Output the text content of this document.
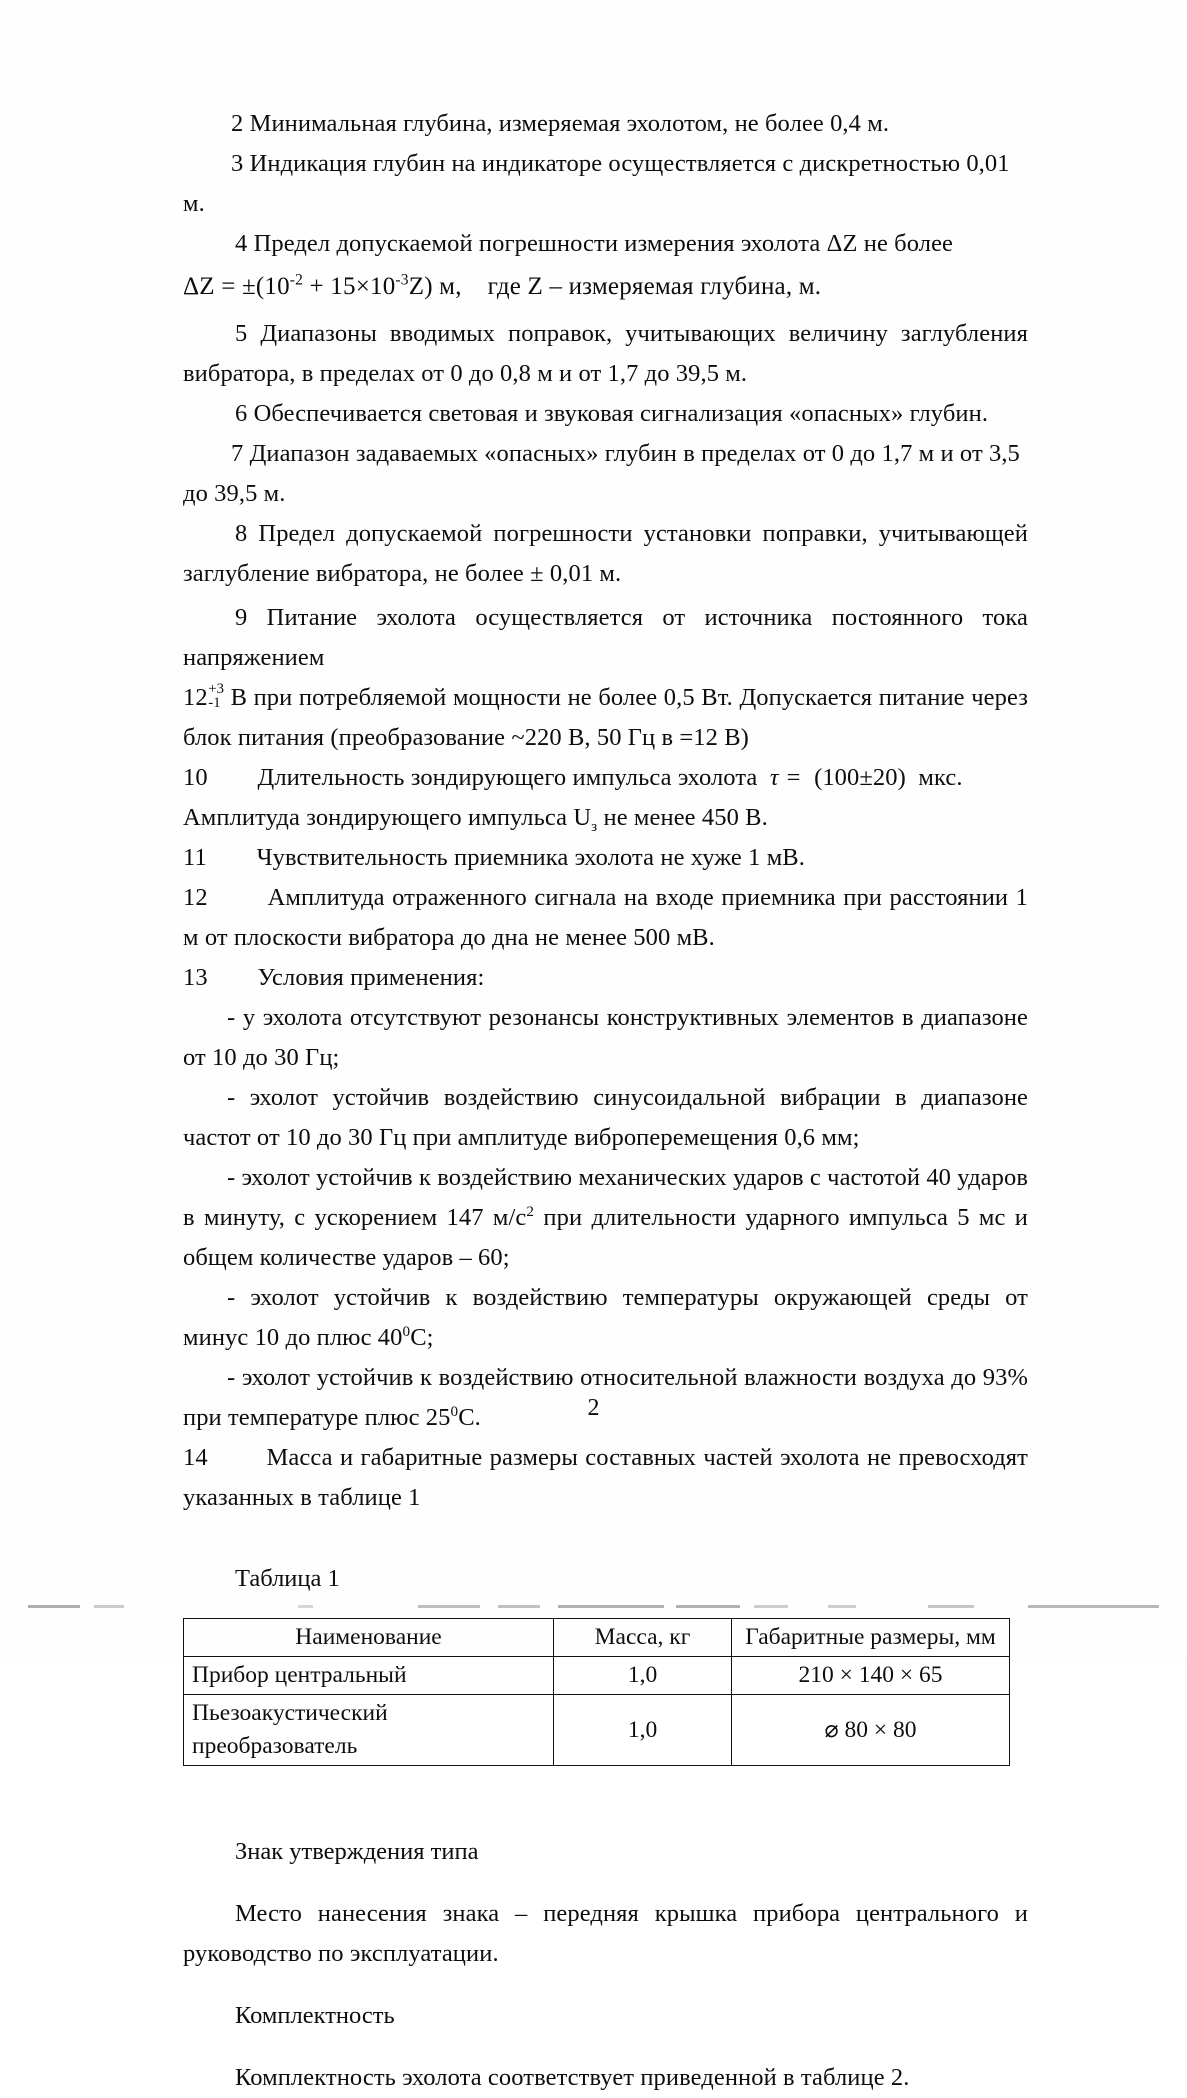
2 Минимальная глубина, измеряемая эхолотом, не более 0,4 м.

3 Индикация глубин на индикаторе осуществляется с дискретностью 0,01 м.

4 Предел допускаемой погрешности измерения эхолота ΔZ не более

$\Delta Z = \pm(10^{-2} + 15\times 10^{-3}Z)$ м, где Z – измеряемая глубина, м.

5 Диапазоны вводимых поправок, учитывающих величину заглубления вибратора, в пределах от 0 до 0,8 м и от 1,7 до 39,5 м.

6 Обеспечивается световая и звуковая сигнализация «опасных» глубин.

7 Диапазон задаваемых «опасных» глубин в пределах от 0 до 1,7 м и от 3,5 до 39,5 м.

8 Предел допускаемой погрешности установки поправки, учитывающей заглубление вибратора, не более ± 0,01 м.

9 Питание эхолота осуществляется от источника постоянного тока напряжением

12 +3
-1 В при потребляемой мощности не более 0,5 Вт. Допускается питание через блок питания (преобразование ~220 В, 50 Гц в =12 В)

10 Длительность зондирующего импульса эхолота τ = (100±20) мкс.

Амплитуда зондирующего импульса $U_з$ не менее 450 В.

11 Чувствительность приемника эхолота не хуже 1 мВ.

12 Амплитуда отраженного сигнала на входе приемника при расстоянии 1 м от плоскости вибратора до дна не менее 500 мВ.

13 Условия применения:

- у эхолота отсутствуют резонансы конструктивных элементов в диапазоне от 10 до 30 Гц;

- эхолот устойчив воздействию синусоидальной вибрации в диапазоне частот от 10 до 30 Гц при амплитуде виброперемещения 0,6 мм;

- эхолот устойчив к воздействию механических ударов с частотой 40 ударов в минуту, с ускорением 147 $м/с^2$ при длительности ударного импульса 5 мс и общем количестве ударов – 60;

- эхолот устойчив к воздействию температуры окружающей среды от минус 10 до плюс $40^0С$;

- эхолот устойчив к воздействию относительной влажности воздуха до 93% при температуре плюс $25^0С$.

14 Масса и габаритные размеры составных частей эхолота не превосходят указанных в таблице 1

Таблица 1

Наименование	Масса, кг	Габаритные размеры, мм
Прибор центральный	1,0	210 × 140 × 65
Пьезоакустический преобразователь	1,0	⌀ 80 × 80

Знак утверждения типа

Место нанесения знака – передняя крышка прибора центрального и руководство по эксплуатации.

Комплектность

Комплектность эхолота соответствует приведенной в таблице 2.

2
